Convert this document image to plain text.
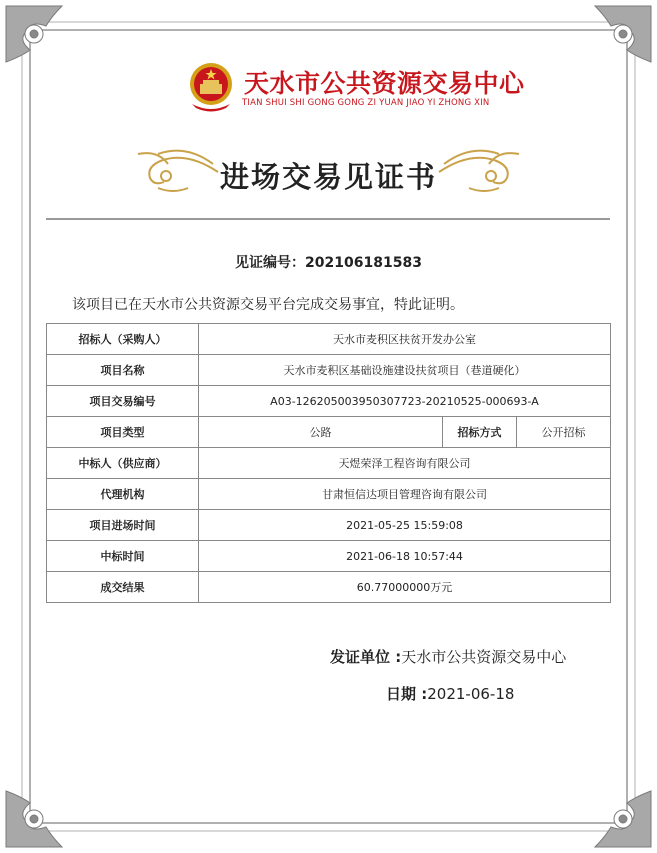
天水市公共资源交易中心
TIAN SHUI SHI GONG GONG ZI YUAN JIAO YI ZHONG XIN
进场交易见证书
见证编号：202106181583
该项目已在天水市公共资源交易平台完成交易事宜，特此证明。
招标人（采购人）	天水市麦积区扶贫开发办公室		
项目名称	天水市麦积区基础设施建设扶贫项目（巷道硬化）		
项目交易编号	A03-1262050039503077​23-20210525-000693-A		
项目类型	公路	招标方式	公开招标
中标人（供应商）	天煜荣泽工程咨询有限公司		
代理机构	甘肃恒信达项目管理咨询有限公司		
项目进场时间	2021-05-25 15:59:08		
中标时间	2021-06-18 10:57:44		
成交结果	60.77000000万元		
发证单位 :天水市公共资源交易中心
日期 :2021-06-18
